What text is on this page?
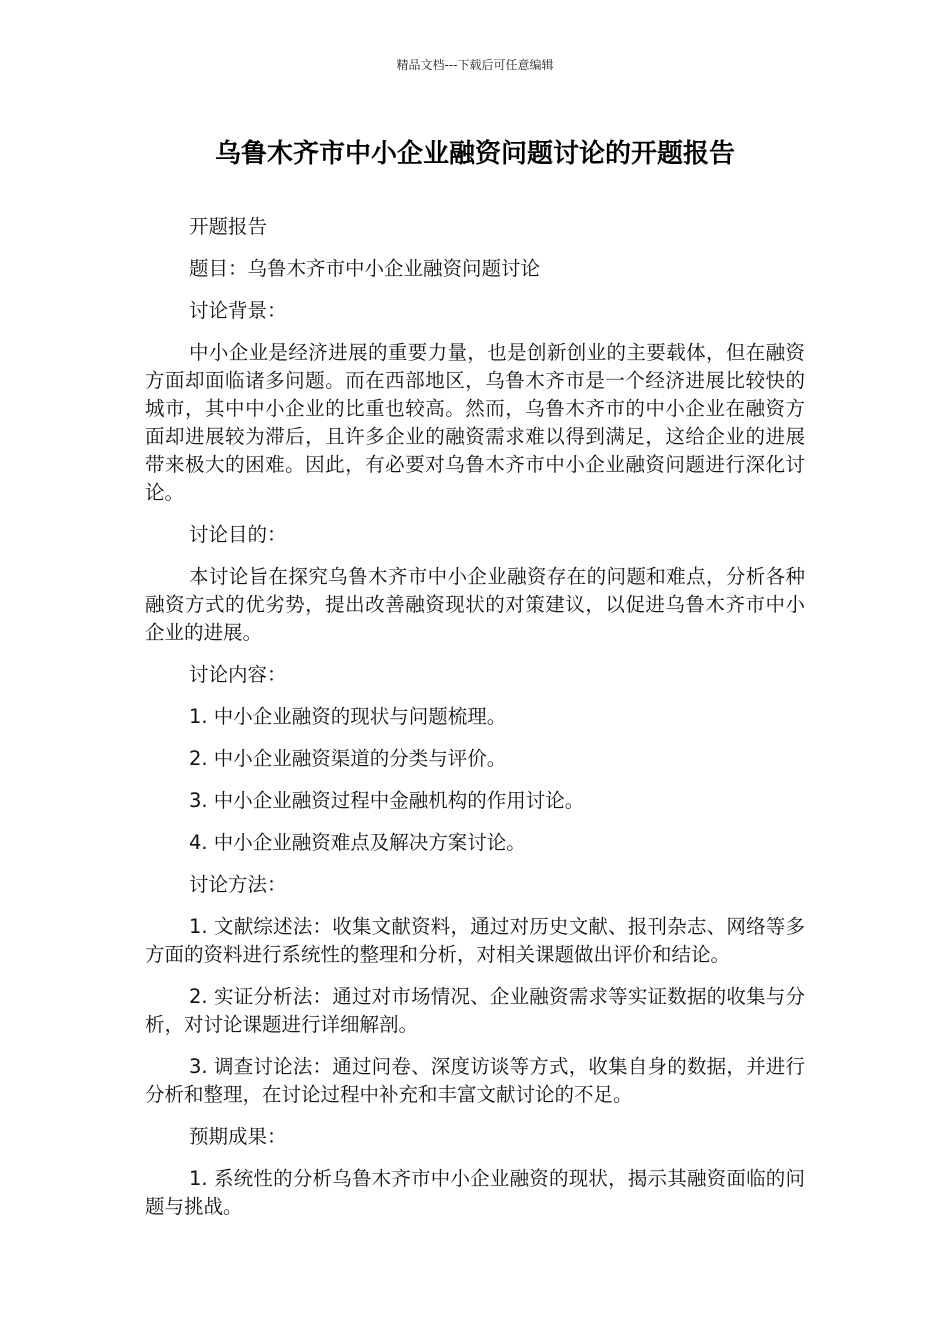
精品文档---下载后可任意编辑
乌鲁木齐市中小企业融资问题讨论的开题报告

开题报告

题目：乌鲁木齐市中小企业融资问题讨论

讨论背景：

中小企业是经济进展的重要力量，也是创新创业的主要载体，但在融资方面却面临诸多问题。而在西部地区，乌鲁木齐市是一个经济进展比较快的城市，其中中小企业的比重也较高。然而，乌鲁木齐市的中小企业在融资方面却进展较为滞后，且许多企业的融资需求难以得到满足，这给企业的进展带来极大的困难。因此，有必要对乌鲁木齐市中小企业融资问题进行深化讨论。

讨论目的：

本讨论旨在探究乌鲁木齐市中小企业融资存在的问题和难点，分析各种融资方式的优劣势，提出改善融资现状的对策建议，以促进乌鲁木齐市中小企业的进展。

讨论内容：

1. 中小企业融资的现状与问题梳理。

2. 中小企业融资渠道的分类与评价。

3. 中小企业融资过程中金融机构的作用讨论。

4. 中小企业融资难点及解决方案讨论。

讨论方法：

1. 文献综述法：收集文献资料，通过对历史文献、报刊杂志、网络等多方面的资料进行系统性的整理和分析，对相关课题做出评价和结论。

2. 实证分析法：通过对市场情况、企业融资需求等实证数据的收集与分析，对讨论课题进行详细解剖。

3. 调查讨论法：通过问卷、深度访谈等方式，收集自身的数据，并进行分析和整理，在讨论过程中补充和丰富文献讨论的不足。

预期成果：

1. 系统性的分析乌鲁木齐市中小企业融资的现状，揭示其融资面临的问题与挑战。
